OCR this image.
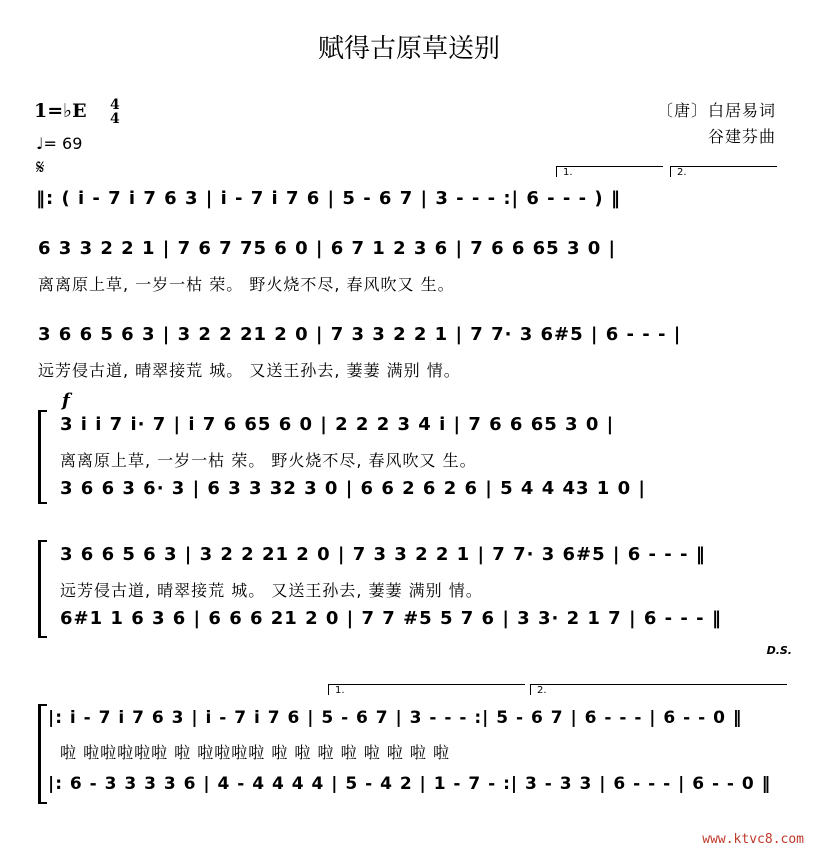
赋得古原草送别
1=♭E 4
4
♩= 69
〔唐〕白居易词
谷建芬曲
𝄋	1.	2.
‖: ( i - 7 i 7 6 3 | i - 7 i 7 6 | 5 - 6 7 | 3 - - - :| 6 - - - ) ‖
6 3 3 2 2 1 | 7 6 7 75 6 0 | 6 7 1 2 3 6 | 7 6 6 65 3 0 |
离离原上草, 一岁一枯 荣。 野火烧不尽, 春风吹又 生。
3 6 6 5 6 3 | 3 2 2 21 2 0 | 7 3 3 2 2 1 | 7 7· 3 6#5 | 6 - - - |
远芳侵古道, 晴翠接荒 城。 又送王孙去, 萋萋 满别 情。
f
3 i i 7 i· 7 | i 7 6 65 6 0 | 2 2 2 3 4 i | 7 6 6 65 3 0 |
离离原上草, 一岁一枯 荣。 野火烧不尽, 春风吹又 生。
3 6 6 3 6· 3 | 6 3 3 32 3 0 | 6 6 2 6 2 6 | 5 4 4 43 1 0 |
3 6 6 5 6 3 | 3 2 2 21 2 0 | 7 3 3 2 2 1 | 7 7· 3 6#5 | 6 - - - ‖
远芳侵古道, 晴翠接荒 城。 又送王孙去, 萋萋 满别 情。
6#1 1 6 3 6 | 6 6 6 21 2 0 | 7 7 #5 5 7 6 | 3 3· 2 1 7 | 6 - - - ‖
D.S.
1.	2.
|: i - 7 i 7 6 3 | i - 7 i 7 6 | 5 - 6 7 | 3 - - - :| 5 - 6 7 | 6 - - - | 6 - - 0 ‖
啦 啦啦啦啦啦 啦 啦啦啦啦 啦 啦 啦 啦 啦 啦 啦 啦
|: 6 - 3 3 3 3 6 | 4 - 4 4 4 4 | 5 - 4 2 | 1 - 7 - :| 3 - 3 3 | 6 - - - | 6 - - 0 ‖
www.ktvc8.com
